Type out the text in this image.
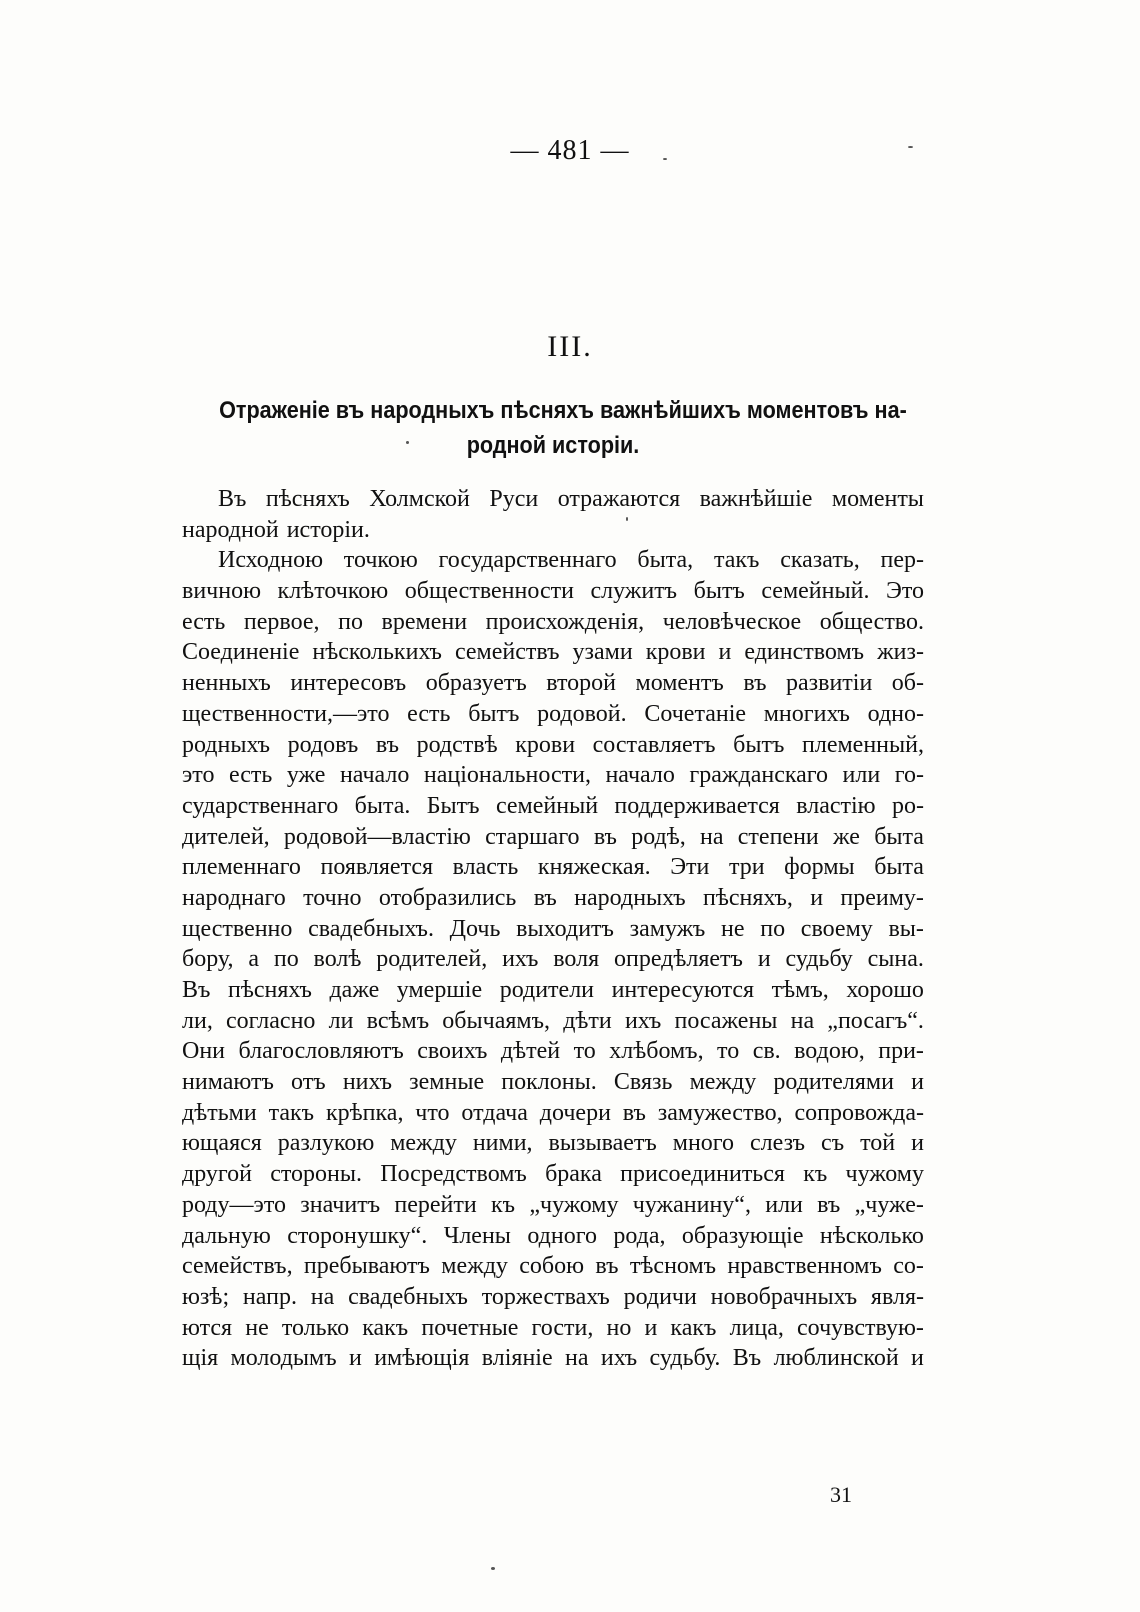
— 481 —
III.
Отраженіе въ народныхъ пѣсняхъ важнѣйшихъ моментовъ на-
родной исторіи.
Въ пѣсняхъ Холмской Руси отражаются важнѣйшіе моменты
народной исторіи.
Исходною точкою государственнаго быта, такъ сказать, пер-
вичною клѣточкою общественности служитъ бытъ семейный. Это
есть первое, по времени происхожденія, человѣческое общество.
Соединеніе нѣсколькихъ семействъ узами крови и единствомъ жиз-
ненныхъ интересовъ образуетъ второй моментъ въ развитіи об-
щественности,—это есть бытъ родовой. Сочетаніе многихъ одно-
родныхъ родовъ въ родствѣ крови составляетъ бытъ племенный,
это есть уже начало національности, начало гражданскаго или го-
сударственнаго быта. Бытъ семейный поддерживается властію ро-
дителей, родовой—властію старшаго въ родѣ, на степени же быта
племеннаго появляется власть княжеская. Эти три формы быта
народнаго точно отобразились въ народныхъ пѣсняхъ, и преиму-
щественно свадебныхъ. Дочь выходитъ замужъ не по своему вы-
бору, а по волѣ родителей, ихъ воля опредѣляетъ и судьбу сына.
Въ пѣсняхъ даже умершіе родители интересуются тѣмъ, хорошо
ли, согласно ли всѣмъ обычаямъ, дѣти ихъ посажены на „посагъ“.
Они благословляютъ своихъ дѣтей то хлѣбомъ, то св. водою, при-
нимаютъ отъ нихъ земные поклоны. Связь между родителями и
дѣтьми такъ крѣпка, что отдача дочери въ замужество, сопровожда-
ющаяся разлукою между ними, вызываетъ много слезъ съ той и
другой стороны. Посредствомъ брака присоединиться къ чужому
роду—это значитъ перейти къ „чужому чужанину“, или въ „чуже-
дальную сторонушку“. Члены одного рода, образующіе нѣсколько
семействъ, пребываютъ между собою въ тѣсномъ нравственномъ со-
юзѣ; напр. на свадебныхъ торжествахъ родичи новобрачныхъ явля-
ются не только какъ почетные гости, но и какъ лица, сочувствую-
щія молодымъ и имѣющія вліяніе на ихъ судьбу. Въ люблинской и
31
